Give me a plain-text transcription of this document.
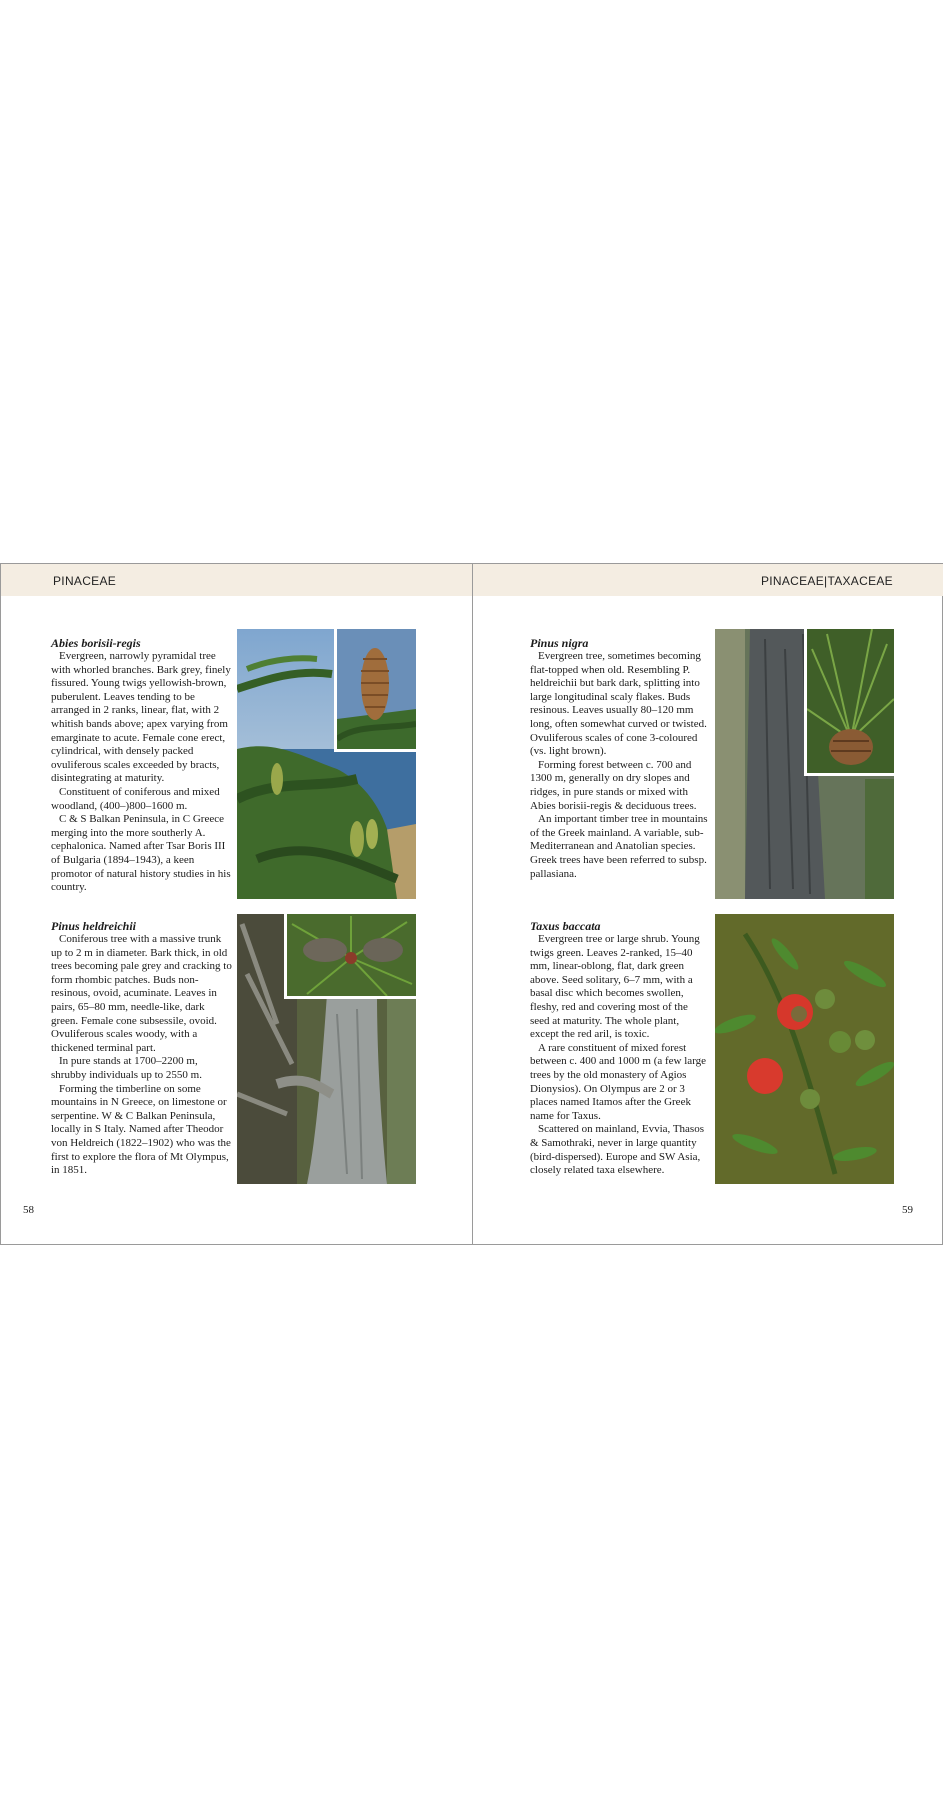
PINACEAE
Abies borisii-regis

Evergreen, narrowly pyramidal tree with whorled branches. Bark grey, finely fissured. Young twigs yellowish-brown, puberulent. Leaves tending to be arranged in 2 ranks, linear, flat, with 2 whitish bands above; apex varying from emarginate to acute. Female cone erect, cylindrical, with densely packed ovuliferous scales exceeded by bracts, disintegrating at maturity.

Constituent of coniferous and mixed woodland, (400–)800–1600 m.

C & S Balkan Peninsula, in C Greece merging into the more southerly A. cephalonica. Named after Tsar Boris III of Bulgaria (1894–1943), a keen promotor of natural history studies in his country.

Pinus heldreichii

Coniferous tree with a massive trunk up to 2 m in diameter. Bark thick, in old trees becoming pale grey and cracking to form rhombic patches. Buds non-resinous, ovoid, acuminate. Leaves in pairs, 65–80 mm, needle-like, dark green. Female cone subsessile, ovoid. Ovuliferous scales woody, with a thickened terminal part.

In pure stands at 1700–2200 m, shrubby individuals up to 2550 m.

Forming the timberline on some mountains in N Greece, on limestone or serpentine. W & C Balkan Peninsula, locally in S Italy. Named after Theodor von Heldreich (1822–1902) who was the first to explore the flora of Mt Olympus, in 1851.

58
PINACEAE|TAXACEAE
Pinus nigra

Evergreen tree, sometimes becoming flat-topped when old. Resembling P. heldreichii but bark dark, splitting into large longitudinal scaly flakes. Buds resinous. Leaves usually 80–120 mm long, often somewhat curved or twisted. Ovuliferous scales of cone 3-coloured (vs. light brown).

Forming forest between c. 700 and 1300 m, generally on dry slopes and ridges, in pure stands or mixed with Abies borisii-regis & deciduous trees.

An important timber tree in mountains of the Greek mainland. A variable, sub-Mediterranean and Anatolian species. Greek trees have been referred to subsp. pallasiana.

Taxus baccata

Evergreen tree or large shrub. Young twigs green. Leaves 2-ranked, 15–40 mm, linear-oblong, flat, dark green above. Seed solitary, 6–7 mm, with a basal disc which becomes swollen, fleshy, red and covering most of the seed at maturity. The whole plant, except the red aril, is toxic.

A rare constituent of mixed forest between c. 400 and 1000 m (a few large trees by the old monastery of Agios Dionysios). On Olympus are 2 or 3 places named Itamos after the Greek name for Taxus.

Scattered on mainland, Evvia, Thasos & Samothraki, never in large quantity (bird-dispersed). Europe and SW Asia, closely related taxa elsewhere.

59
